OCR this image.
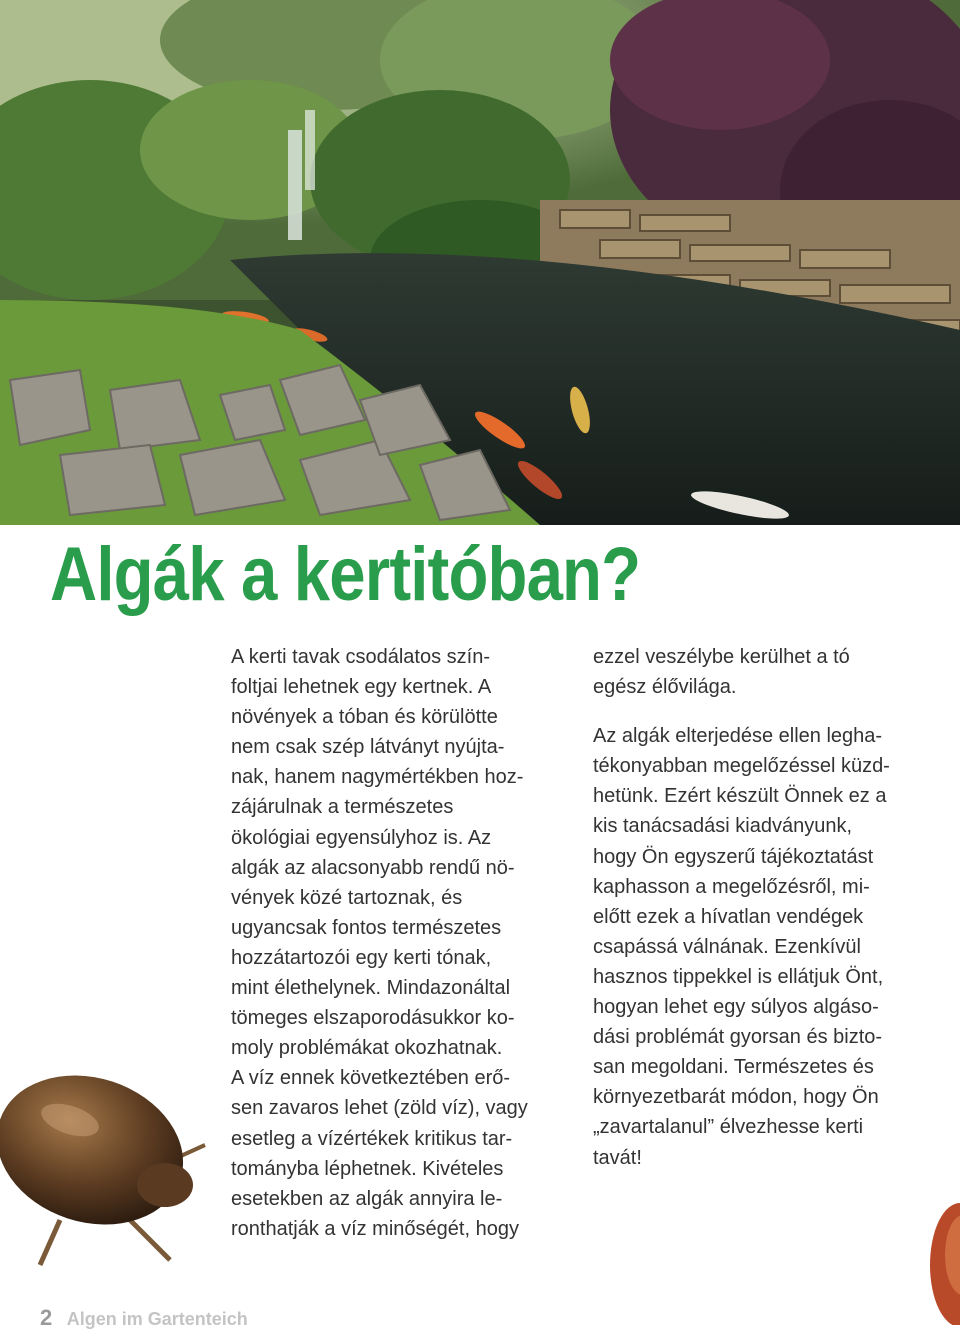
Algák a kertitóban?

A kerti tavak csodálatos szín-
foltjai lehetnek egy kertnek. A
növények a tóban és körülötte
nem csak szép látványt nyújta-
nak, hanem nagymértékben hoz-
zájárulnak a természetes
ökológiai egyensúlyhoz is. Az
algák az alacsonyabb rendű nö-
vények közé tartoznak, és
ugyancsak fontos természetes
hozzátartozói egy kerti tónak,
mint élethelynek. Mindazonáltal
tömeges elszaporodásukkor ko-
moly problémákat okozhatnak.
A víz ennek következtében erő-
sen zavaros lehet (zöld víz), vagy
esetleg a vízértékek kritikus tar-
tományba léphetnek. Kivételes
esetekben az algák annyira le-
ronthatják a víz minőségét, hogy

ezzel veszélybe kerülhet a tó
egész élővilága.

Az algák elterjedése ellen legha-
tékonyabban megelőzéssel küzd-
hetünk. Ezért készült Önnek ez a
kis tanácsadási kiadványunk,
hogy Ön egyszerű tájékoztatást
kaphasson a megelőzésről, mi-
előtt ezek a hívatlan vendégek
csapássá válnának. Ezenkívül
hasznos tippekkel is ellátjuk Önt,
hogyan lehet egy súlyos algáso-
dási problémát gyorsan és bizto-
san megoldani. Természetes és
környezetbarát módon, hogy Ön
„zavartalanul” élvezhesse kerti
tavát!

2 Algen im Gartenteich
